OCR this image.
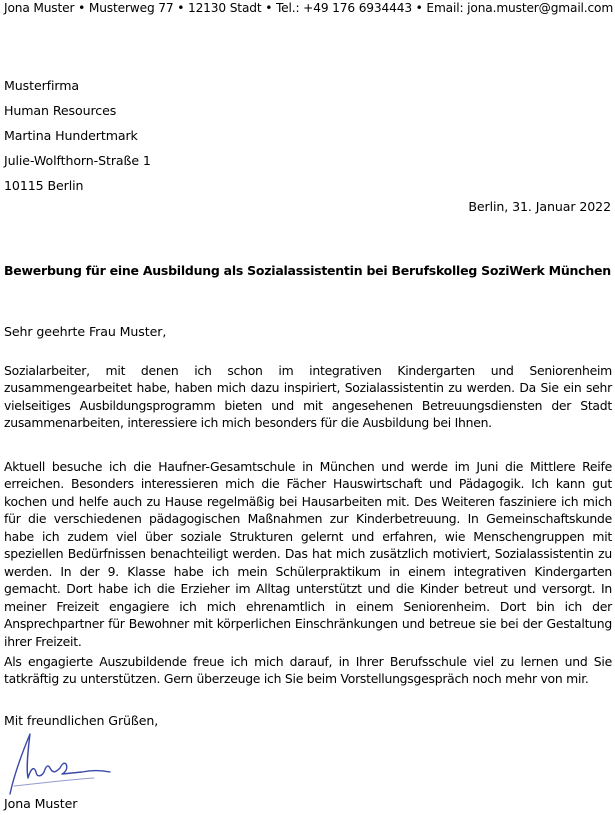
Jona Muster • Musterweg 77 • 12130 Stadt • Tel.: +49 176 6934443 • Email: jona.muster@gmail.com
Musterfirma
Human Resources
Martina Hundertmark
Julie-Wolfthorn-Straße 1
10115 Berlin
Berlin, 31. Januar 2022
Bewerbung für eine Ausbildung als Sozialassistentin bei Berufskolleg SoziWerk München
Sehr geehrte Frau Muster,

Sozialarbeiter, mit denen ich schon im integrativen Kindergarten und Seniorenheim zusammengearbeitet habe, haben mich dazu inspiriert, Sozialassistentin zu werden. Da Sie ein sehr vielseitiges Ausbildungsprogramm bieten und mit angesehenen Betreuungsdiensten der Stadt zusammenarbeiten, interessiere ich mich besonders für die Ausbildung bei Ihnen.

Aktuell besuche ich die Haufner-Gesamtschule in München und werde im Juni die Mittlere Reife erreichen. Besonders interessieren mich die Fächer Hauswirtschaft und Pädagogik. Ich kann gut kochen und helfe auch zu Hause regelmäßig bei Hausarbeiten mit. Des Weiteren fasziniere ich mich für die verschiedenen pädagogischen Maßnahmen zur Kinderbetreuung. In Gemeinschaftskunde habe ich zudem viel über soziale Strukturen gelernt und erfahren, wie Menschengruppen mit speziellen Bedürfnissen benachteiligt werden. Das hat mich zusätzlich motiviert, Sozialassistentin zu werden. In der 9. Klasse habe ich mein Schülerpraktikum in einem integrativen Kindergarten gemacht. Dort habe ich die Erzieher im Alltag unterstützt und die Kinder betreut und versorgt. In meiner Freizeit engagiere ich mich ehrenamtlich in einem Seniorenheim. Dort bin ich der Ansprechpartner für Bewohner mit körperlichen Einschränkungen und betreue sie bei der Gestaltung ihrer Freizeit.

Als engagierte Auszubildende freue ich mich darauf, in Ihrer Berufsschule viel zu lernen und Sie tatkräftig zu unterstützen. Gern überzeuge ich Sie beim Vorstellungsgespräch noch mehr von mir.

Mit freundlichen Grüßen,
Jona Muster
